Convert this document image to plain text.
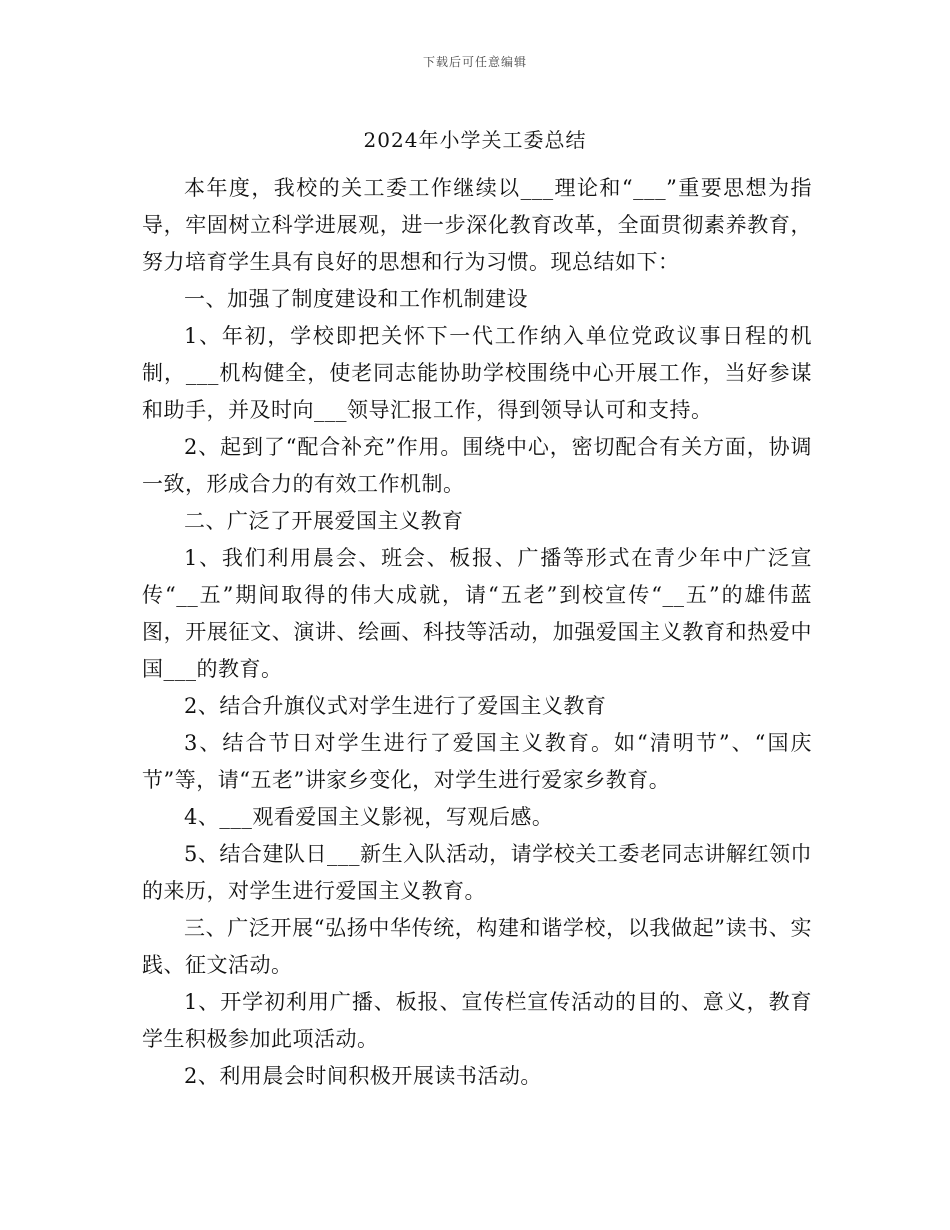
下载后可任意编辑
2024年小学关工委总结

本年度，我校的关工委工作继续以___理论和“___”重要思想为指导，牢固树立科学进展观，进一步深化教育改革，全面贯彻素养教育，努力培育学生具有良好的思想和行为习惯。现总结如下：

一、加强了制度建设和工作机制建设

1、年初，学校即把关怀下一代工作纳入单位党政议事日程的机制，___机构健全，使老同志能协助学校围绕中心开展工作，当好参谋和助手，并及时向___领导汇报工作，得到领导认可和支持。

2、起到了“配合补充”作用。围绕中心，密切配合有关方面，协调一致，形成合力的有效工作机制。

二、广泛了开展爱国主义教育

1、我们利用晨会、班会、板报、广播等形式在青少年中广泛宣传“__五”期间取得的伟大成就，请“五老”到校宣传“__五”的雄伟蓝图，开展征文、演讲、绘画、科技等活动，加强爱国主义教育和热爱中国___的教育。

2、结合升旗仪式对学生进行了爱国主义教育

3、结合节日对学生进行了爱国主义教育。如“清明节”、“国庆节”等，请“五老”讲家乡变化，对学生进行爱家乡教育。

4、___观看爱国主义影视，写观后感。

5、结合建队日___新生入队活动，请学校关工委老同志讲解红领巾的来历，对学生进行爱国主义教育。

三、广泛开展“弘扬中华传统，构建和谐学校，以我做起”读书、实践、征文活动。

1、开学初利用广播、板报、宣传栏宣传活动的目的、意义，教育学生积极参加此项活动。

2、利用晨会时间积极开展读书活动。
